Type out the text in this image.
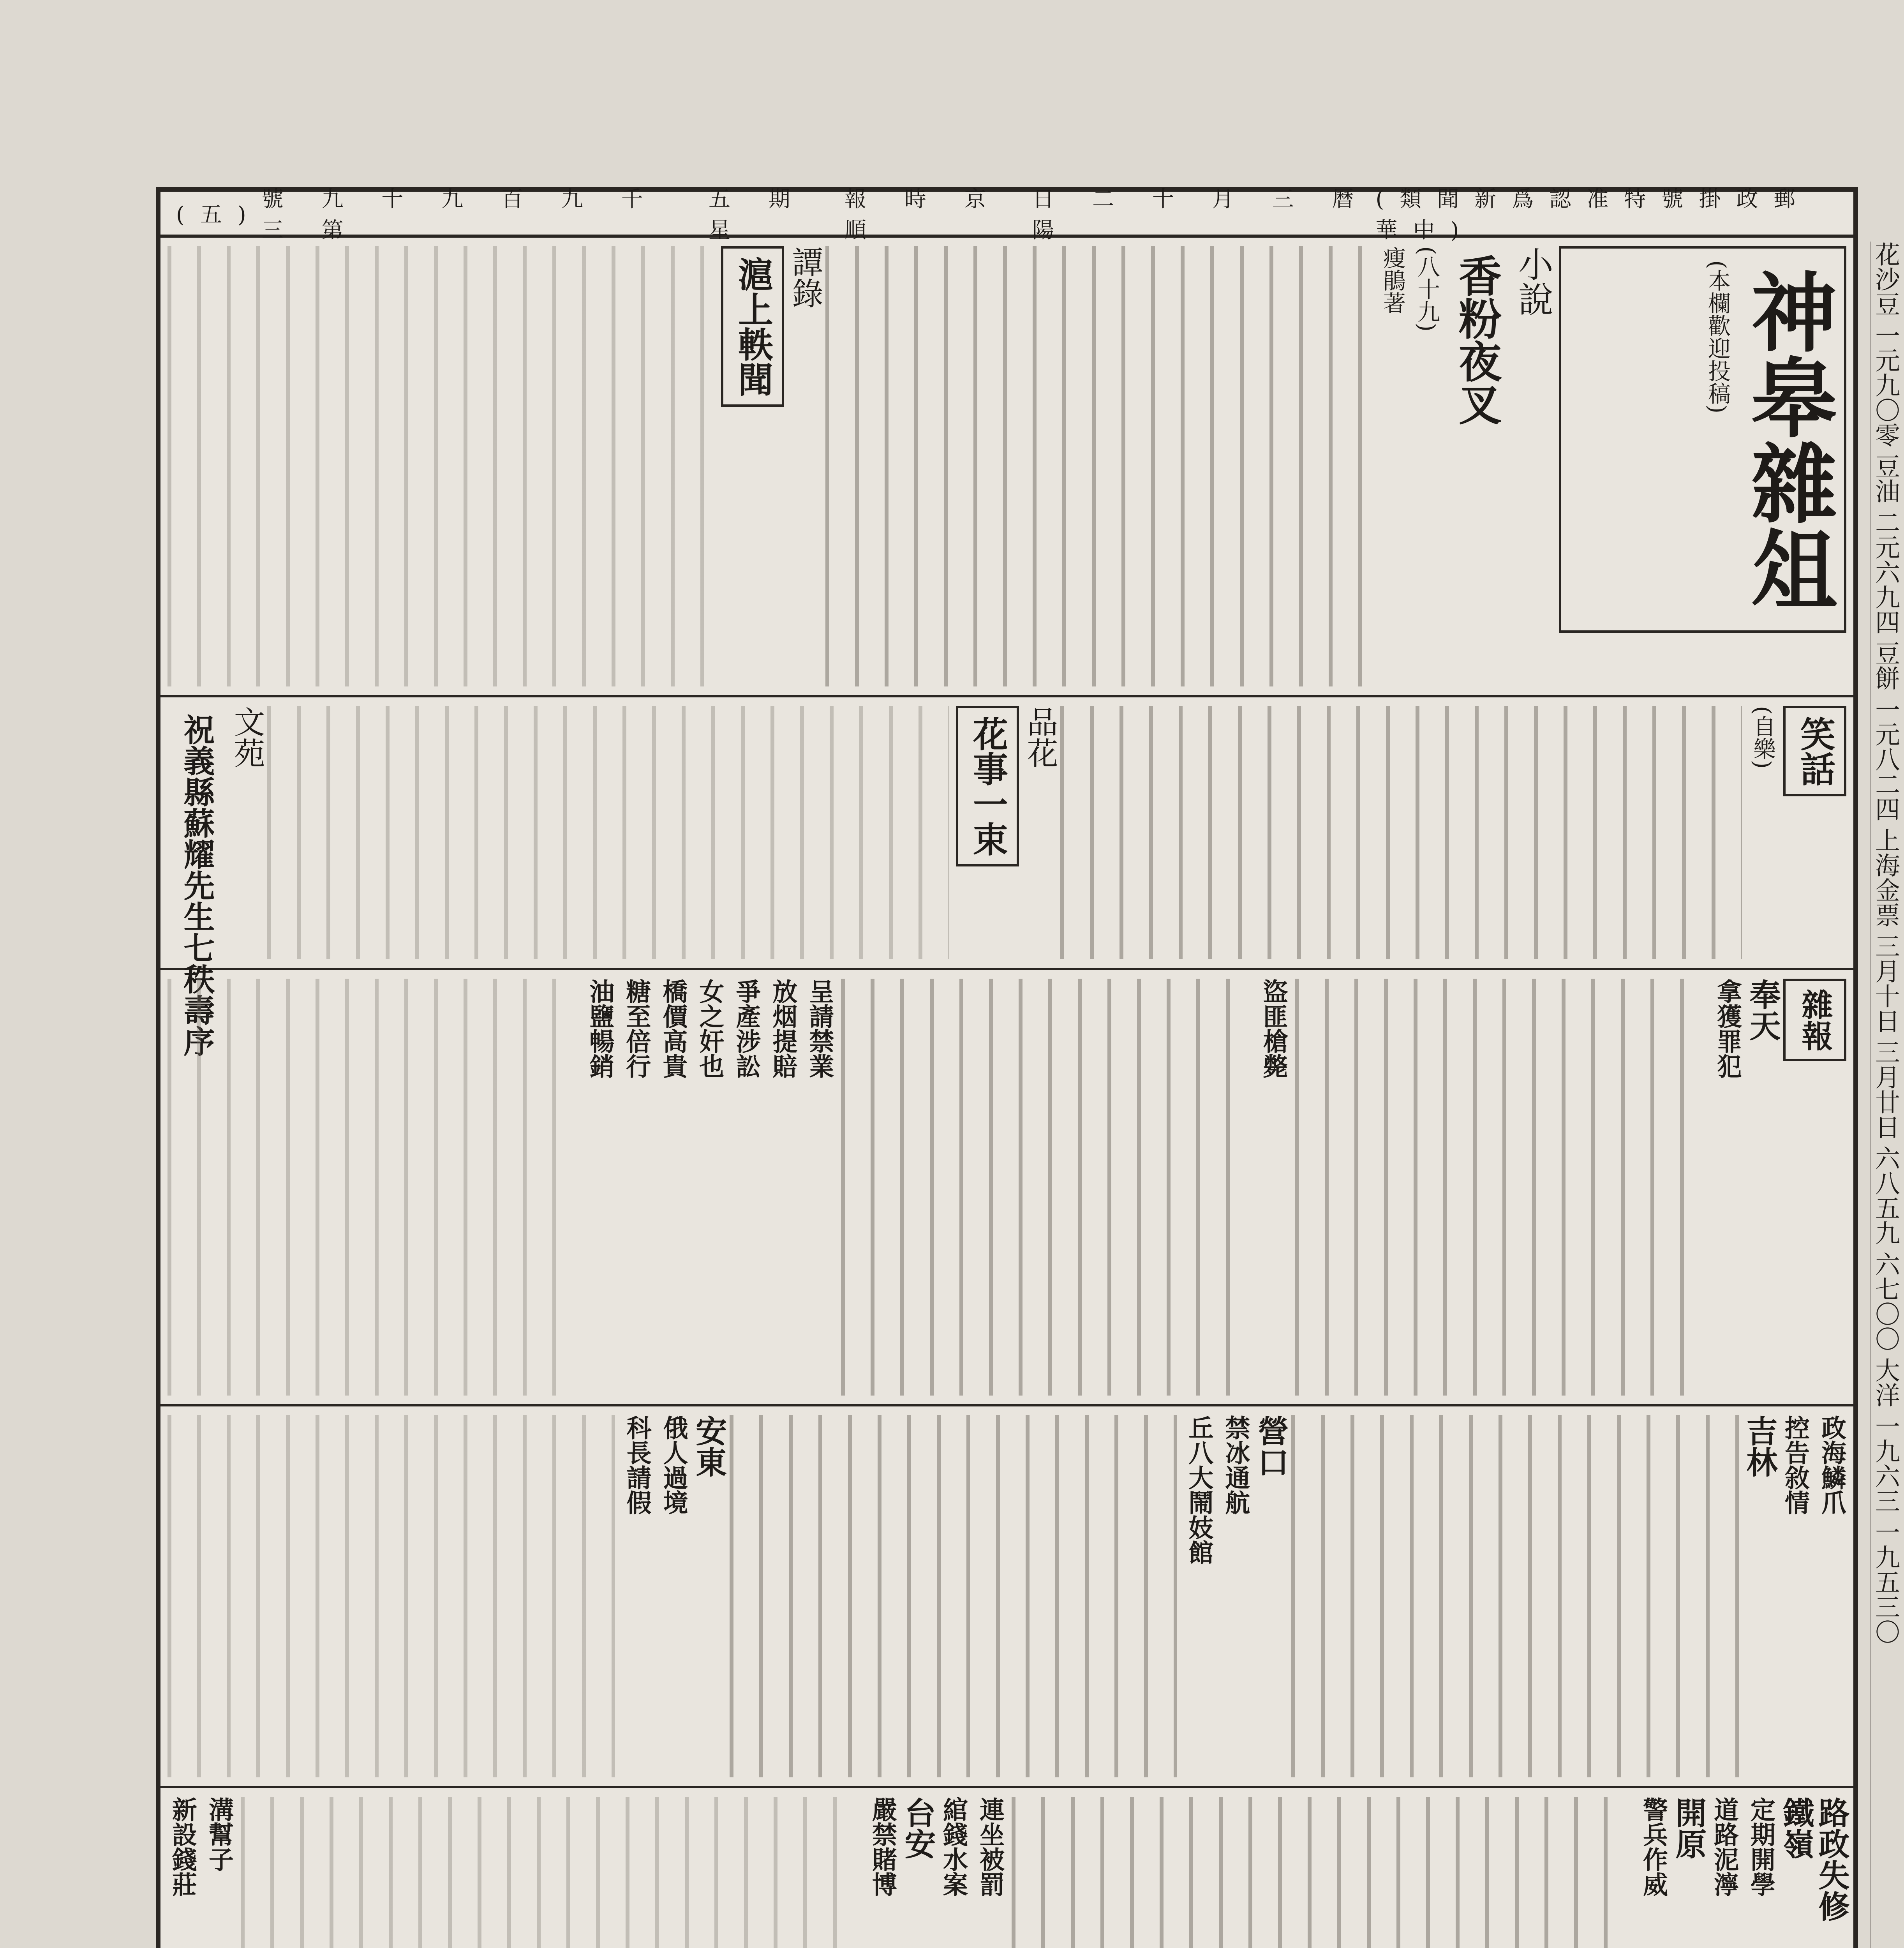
(五)
號 九 十 九 百 九 千 三 第
五 期 星
報 時 京 順
日 二 十 月 三 曆 陽
(類聞新爲認准特號掛政郵華中)
神皋雜俎
(本欄歡迎投稿)
小說
香粉夜叉
(八十九)
瘦鵑著
譚錄
滬上軼聞
笑話
(自樂)
品花
花事一束
文苑
祝義縣蘇耀先生七秩壽序	雜報
奉天
拿獲罪犯
盜匪槍斃
呈請禁業
放烟提賠
爭產涉訟
女之奸也
橋價高貴
糖至倍行
油鹽暢銷
政海鱗爪
控告敘情
吉林
營口
禁冰通航
丘八大鬧妓館
安東
俄人過境
科長請假
路政失修
鐵嶺
定期開學
道路泥濘
開原
警兵作威
連坐被罰
綰錢水案
台安
嚴禁賭博
溝幫子
新設錢莊
花沙豆
一元九〇零
豆油
二元六九四
豆餅
一元八二四
上海金票
三月十日
三月廿日
六八五九
六七〇〇
大洋
一九六三
一九五三〇
